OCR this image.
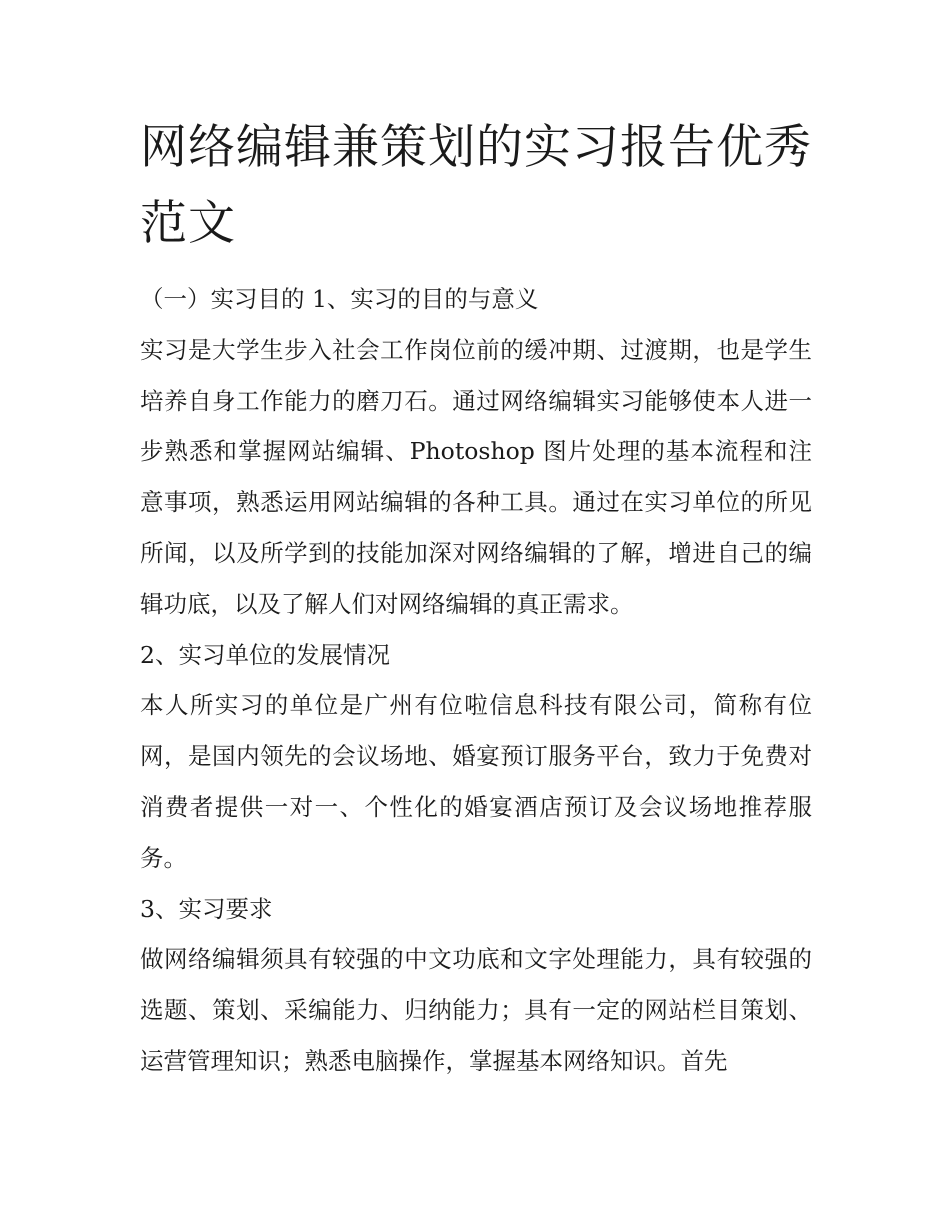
网络编辑兼策划的实习报告优秀范文

（一）实习目的 1、实习的目的与意义

实习是大学生步入社会工作岗位前的缓冲期、过渡期，也是学生培养自身工作能力的磨刀石。通过网络编辑实习能够使本人进一步熟悉和掌握网站编辑、Photoshop 图片处理的基本流程和注意事项，熟悉运用网站编辑的各种工具。通过在实习单位的所见所闻，以及所学到的技能加深对网络编辑的了解，增进自己的编辑功底，以及了解人们对网络编辑的真正需求。

2、实习单位的发展情况

本人所实习的单位是广州有位啦信息科技有限公司，简称有位网，是国内领先的会议场地、婚宴预订服务平台，致力于免费对消费者提供一对一、个性化的婚宴酒店预订及会议场地推荐服务。

3、实习要求

做网络编辑须具有较强的中文功底和文字处理能力，具有较强的选题、策划、采编能力、归纳能力；具有一定的网站栏目策划、运营管理知识；熟悉电脑操作，掌握基本网络知识。首先
